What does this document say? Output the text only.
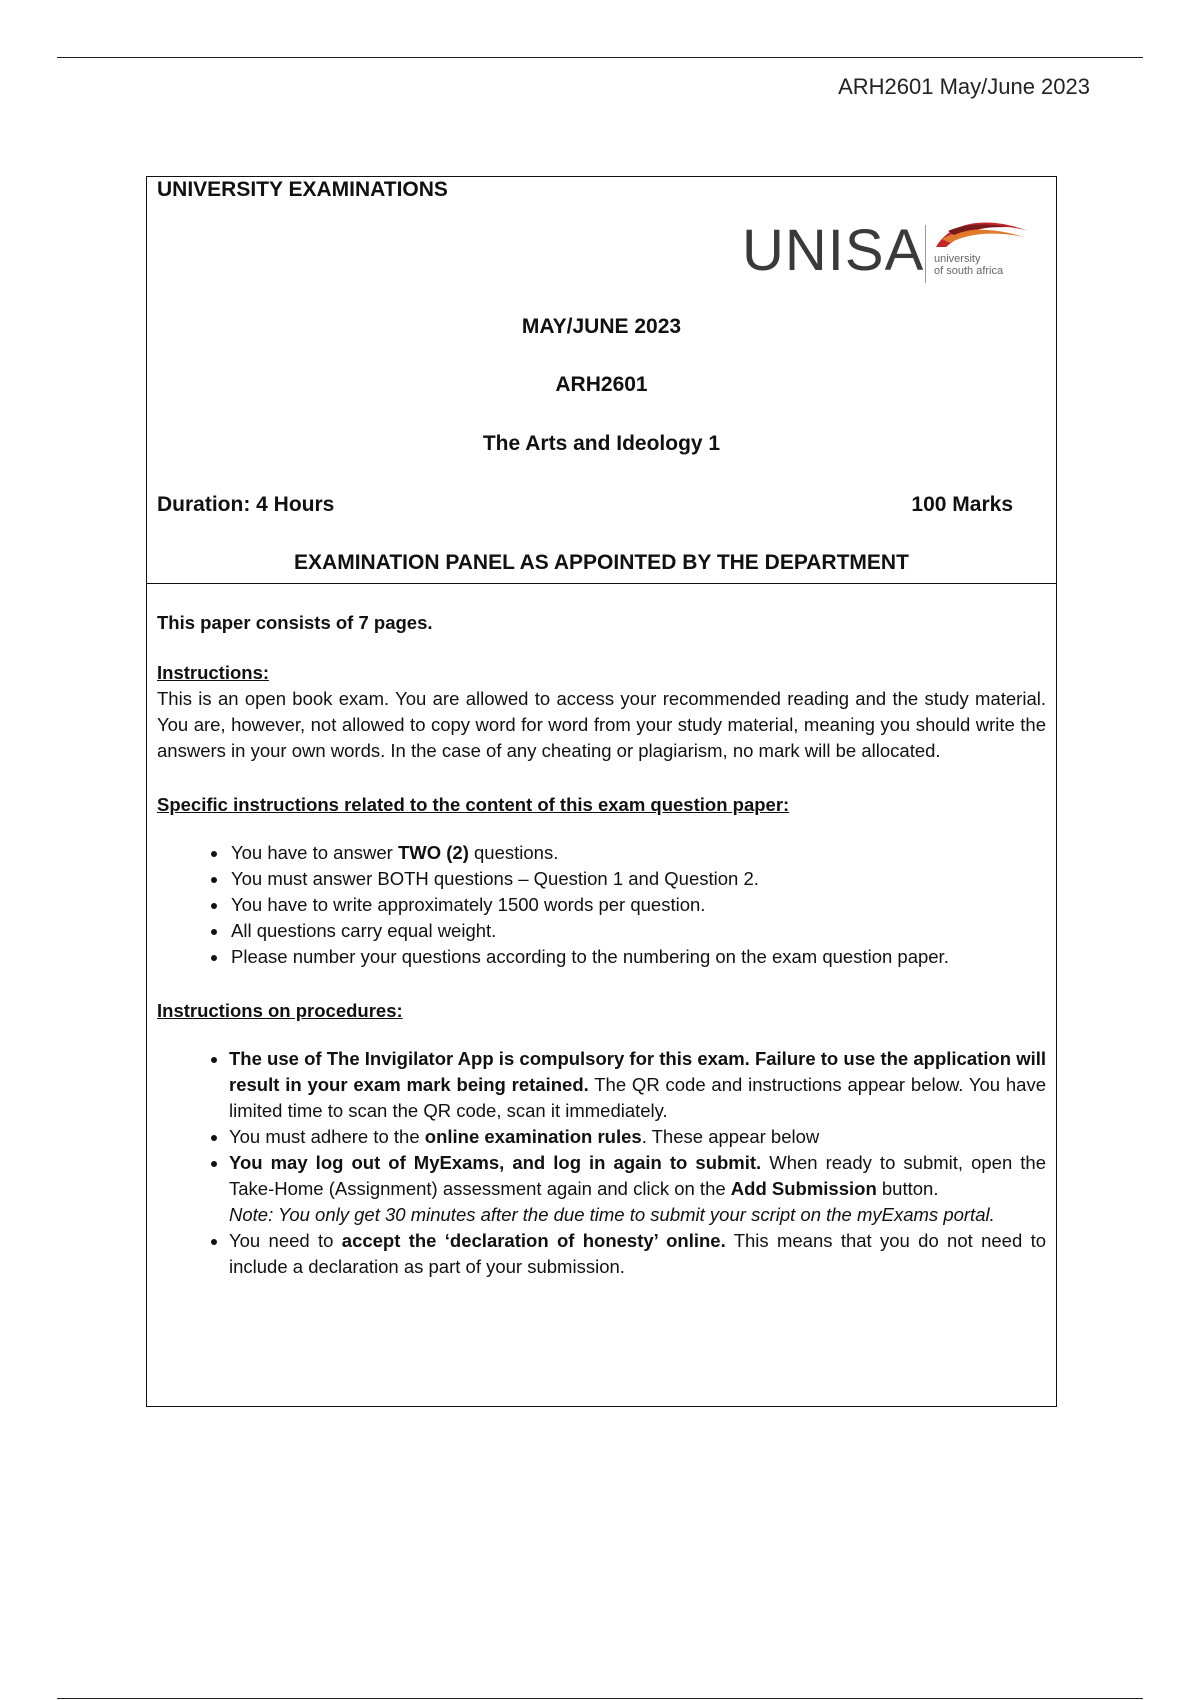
ARH2601 May/June 2023
UNIVERSITY EXAMINATIONS
UNISA university
of south africa
MAY/JUNE 2023
ARH2601
The Arts and Ideology 1
Duration: 4 Hours	100 Marks
EXAMINATION PANEL AS APPOINTED BY THE DEPARTMENT

This paper consists of 7 pages.

Instructions:

This is an open book exam. You are allowed to access your recommended reading and the study material. You are, however, not allowed to copy word for word from your study material, meaning you should write the answers in your own words. In the case of any cheating or plagiarism, no mark will be allocated.

Specific instructions related to the content of this exam question paper:

• You have to answer TWO (2) questions.
• You must answer BOTH questions – Question 1 and Question 2.
• You have to write approximately 1500 words per question.
• All questions carry equal weight.
• Please number your questions according to the numbering on the exam question paper.

Instructions on procedures:

• The use of The Invigilator App is compulsory for this exam. Failure to use the application will result in your exam mark being retained. The QR code and instructions appear below. You have limited time to scan the QR code, scan it immediately.
• You must adhere to the online examination rules. These appear below
• You may log out of MyExams, and log in again to submit. When ready to submit, open the Take-Home (Assignment) assessment again and click on the Add Submission button.
Note: You only get 30 minutes after the due time to submit your script on the myExams portal.
• You need to accept the ‘declaration of honesty’ online. This means that you do not need to include a declaration as part of your submission.
